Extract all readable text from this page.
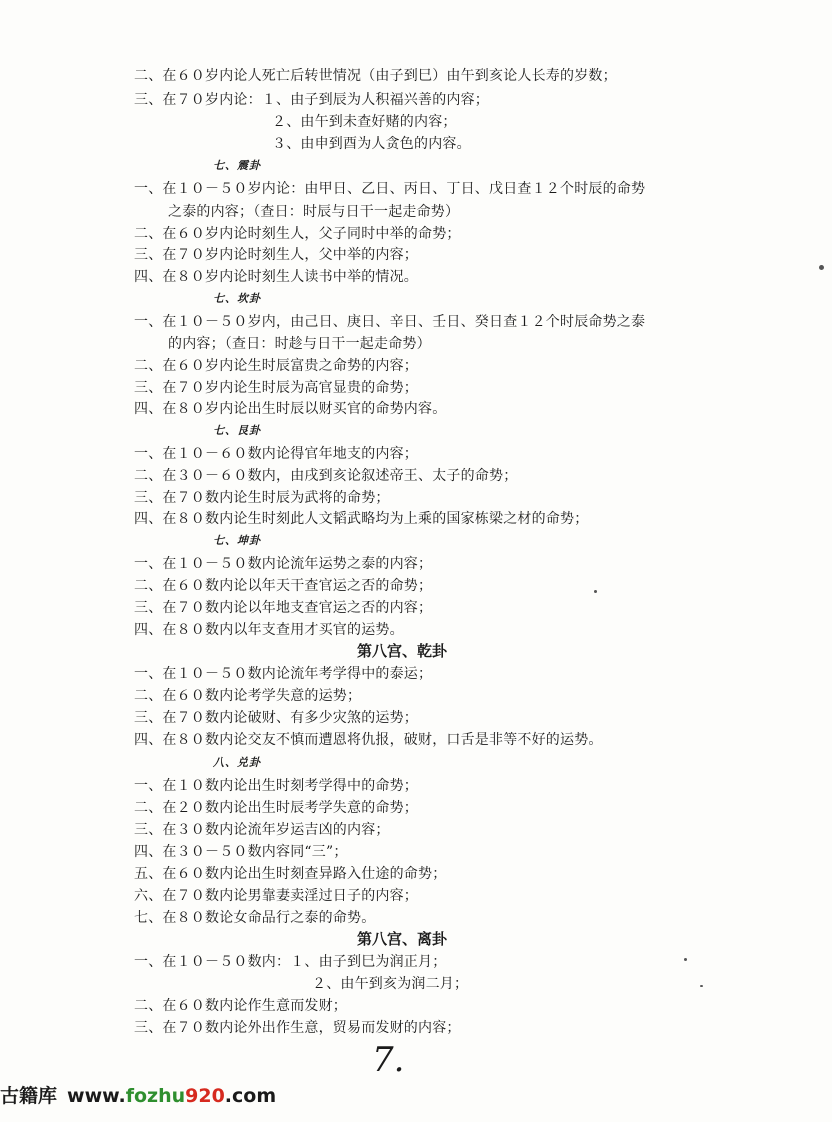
二、在６０岁内论人死亡后转世情况（由子到巳）由午到亥论人长寿的岁数；
三、在７０岁内论：１、由子到辰为人积福兴善的内容；
２、由午到未查好赌的内容；
３、由申到酉为人贪色的内容。
七、震卦
一、在１０－５０岁内论：由甲日、乙日、丙日、丁日、戊日查１２个时辰的命势
之泰的内容；（查日：时辰与日干一起走命势）
二、在６０岁内论时刻生人，父子同时中举的命势；
三、在７０岁内论时刻生人，父中举的内容；
四、在８０岁内论时刻生人读书中举的情况。
七、坎卦
一、在１０－５０岁内，由己日、庚日、辛日、壬日、癸日查１２个时辰命势之泰
的内容；（查日：时趁与日干一起走命势）
二、在６０岁内论生时辰富贵之命势的内容；
三、在７０岁内论生时辰为高官显贵的命势；
四、在８０岁内论出生时辰以财买官的命势内容。
七、艮卦
一、在１０－６０数内论得官年地支的内容；
二、在３０－６０数内，由戌到亥论叙述帝王、太子的命势；
三、在７０数内论生时辰为武将的命势；
四、在８０数内论生时刻此人文韬武略均为上乘的国家栋梁之材的命势；
七、坤卦
一、在１０－５０数内论流年运势之泰的内容；
二、在６０数内论以年天干查官运之否的命势；
三、在７０数内论以年地支查官运之否的内容；
四、在８０数内以年支查用才买官的运势。
第八宫、乾卦
一、在１０－５０数内论流年考学得中的泰运；
二、在６０数内论考学失意的运势；
三、在７０数内论破财、有多少灾煞的运势；
四、在８０数内论交友不慎而遭恩将仇报，破财，口舌是非等不好的运势。
八、兑卦
一、在１０数内论出生时刻考学得中的命势；
二、在２０数内论出生时辰考学失意的命势；
三、在３０数内论流年岁运吉凶的内容；
四、在３０－５０数内容同“三”；
五、在６０数内论出生时刻查异路入仕途的命势；
六、在７０数内论男靠妻卖淫过日子的内容；
七、在８０数论女命品行之泰的命势。
第八宫、离卦
一、在１０－５０数内：１、由子到巳为润正月；
２、由午到亥为润二月；
二、在６０数内论作生意而发财；
三、在７０数内论外出作生意，贸易而发财的内容；
7.
古籍库 www.fozhu920.com
